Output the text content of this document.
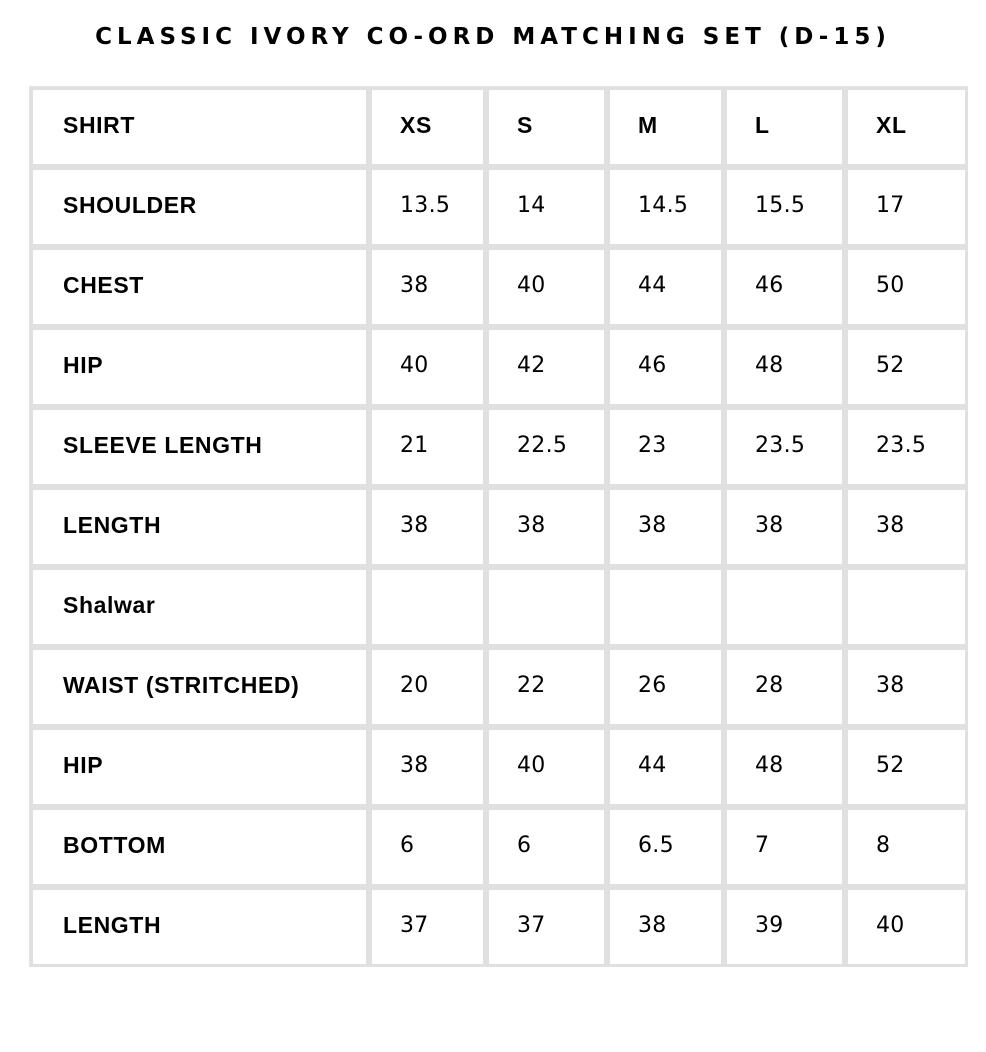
CLASSIC IVORY CO-ORD MATCHING SET (D-15)
SHIRT	XS	S	M	L	XL
SHOULDER	13.5	14	14.5	15.5	17
CHEST	38	40	44	46	50
HIP	40	42	46	48	52
SLEEVE LENGTH	21	22.5	23	23.5	23.5
LENGTH	38	38	38	38	38
Shalwar					
WAIST (STRITCHED)	20	22	26	28	38
HIP	38	40	44	48	52
BOTTOM	6	6	6.5	7	8
LENGTH	37	37	38	39	40
